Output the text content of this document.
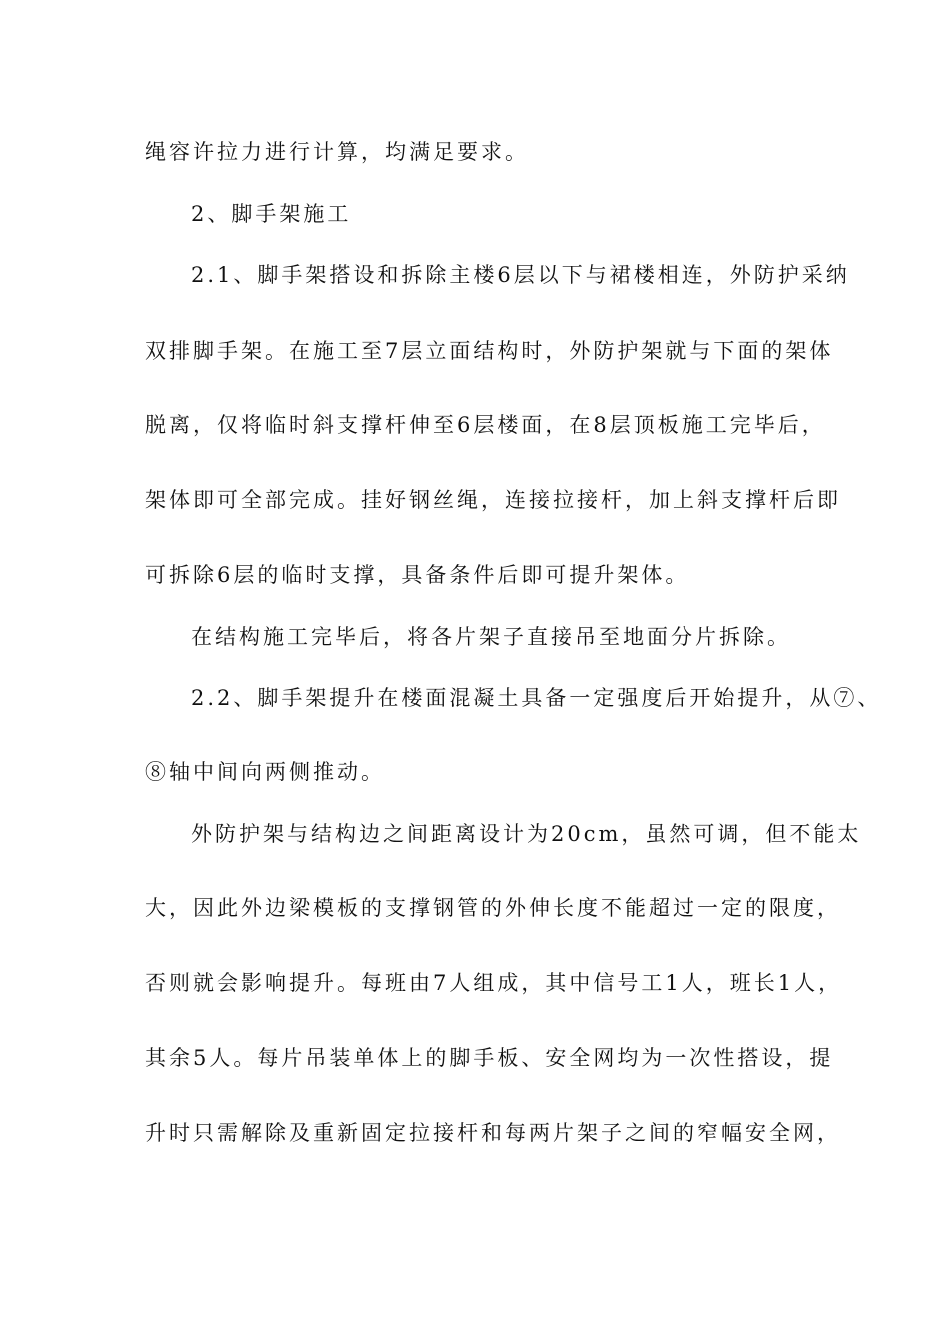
绳容许拉力进行计算，均满足要求。
2、脚手架施工
2.1、脚手架搭设和拆除主楼6层以下与裙楼相连，外防护采纳
双排脚手架。在施工至7层立面结构时，外防护架就与下面的架体
脱离，仅将临时斜支撑杆伸至6层楼面，在8层顶板施工完毕后，
架体即可全部完成。挂好钢丝绳，连接拉接杆，加上斜支撑杆后即
可拆除6层的临时支撑，具备条件后即可提升架体。
在结构施工完毕后，将各片架子直接吊至地面分片拆除。
2.2、脚手架提升在楼面混凝土具备一定强度后开始提升，从⑦、
⑧轴中间向两侧推动。
外防护架与结构边之间距离设计为20cm，虽然可调，但不能太
大，因此外边梁模板的支撑钢管的外伸长度不能超过一定的限度，
否则就会影响提升。每班由7人组成，其中信号工1人，班长1人，
其余5人。每片吊装单体上的脚手板、安全网均为一次性搭设，提
升时只需解除及重新固定拉接杆和每两片架子之间的窄幅安全网，
